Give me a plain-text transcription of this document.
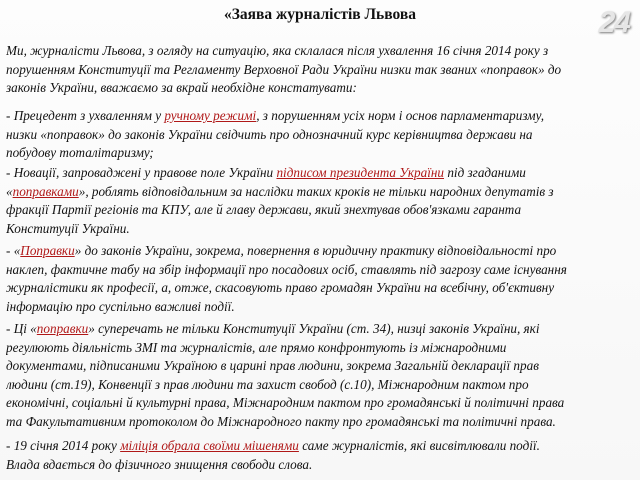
«Заява журналістів Львова	24
Ми, журналісти Львова, з огляду на ситуацію, яка склалася після ухвалення 16 січня 2014 року з
порушенням Конституції та Регламенту Верховної Ради України низки так званих «поправок» до
законів України, вважаємо за вкрай необхідне констатувати:
- Прецедент з ухваленням у ручному режимі, з порушенням усіх норм і основ парламентаризму,
низки «поправок» до законів України свідчить про однозначний курс керівництва держави на
побудову тоталітаризму;
- Новації, запроваджені у правове поле України підписом президента України під згаданими
«поправками», роблять відповідальним за наслідки таких кроків не тільки народних депутатів з
фракції Партії регіонів та КПУ, але й главу держави, який знехтував обов'язками гаранта
Конституції України.
- «Поправки» до законів України, зокрема, повернення в юридичну практику відповідальності про
наклеп, фактичне табу на збір інформації про посадових осіб, ставлять під загрозу саме існування
журналістики як професії, а, отже, скасовують право громадян України на всебічну, об'єктивну
інформацію про суспільно важливі події.
- Ці «поправки» суперечать не тільки Конституції України (ст. 34), низці законів України, які
регулюють діяльність ЗМІ та журналістів, але прямо конфронтують із міжнародними
документами, підписаними Україною в царині прав людини, зокрема Загальній декларації прав
людини (ст.19), Конвенції з прав людини та захист свобод (с.10), Міжнародним пактом про
економічні, соціальні й культурні права, Міжнародним пактом про громадянські й політичні права
та Факультативним протоколом до Міжнародного пакту про громадянські та політичні права.
- 19 січня 2014 року міліція обрала своїми мішенями саме журналістів, які висвітлювали події.
Влада вдається до фізичного знищення свободи слова.
